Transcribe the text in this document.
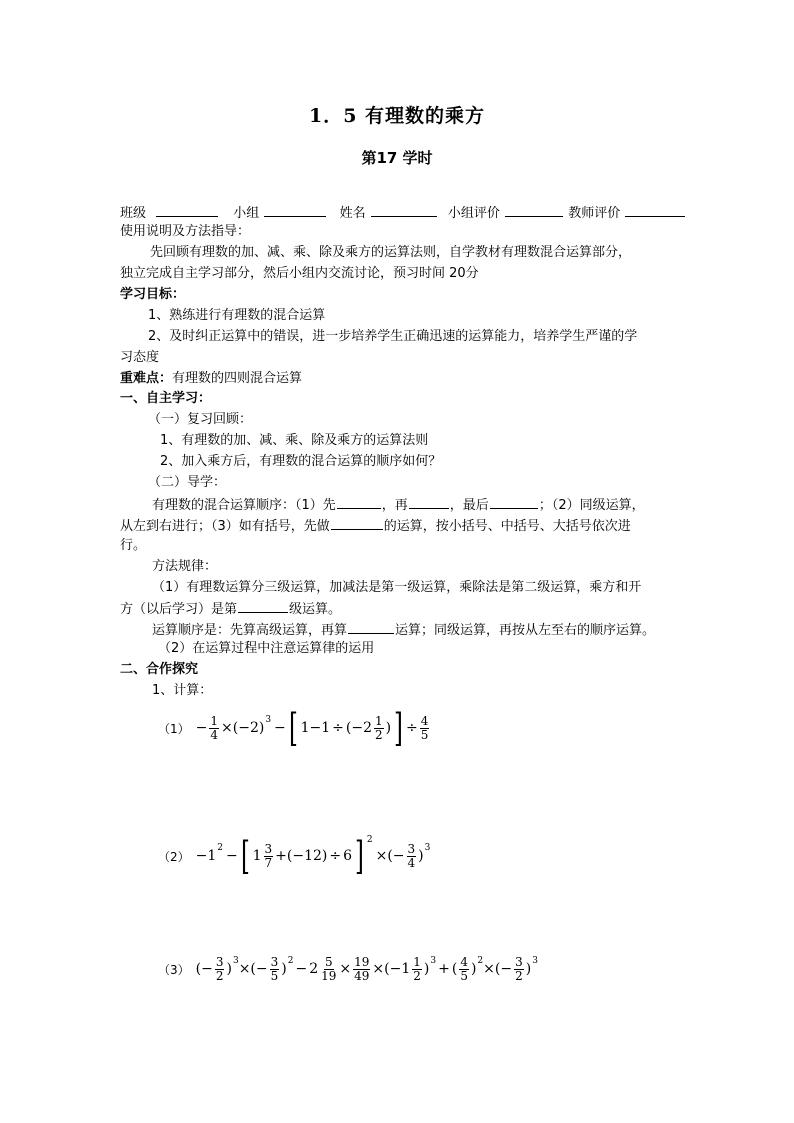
1．5 有理数的乘方
第17 学时
班级	小组	姓名	小组评价	教师评价
使用说明及方法指导：
先回顾有理数的加、减、乘、除及乘方的运算法则，自学教材有理数混合运算部分，
独立完成自主学习部分，然后小组内交流讨论，预习时间 20分
学习目标：
1、熟练进行有理数的混合运算
2、及时纠正运算中的错误，进一步培养学生正确迅速的运算能力，培养学生严谨的学
习态度
重难点：有理数的四则混合运算
一、自主学习：
（一）复习回顾：
1、有理数的加、减、乘、除及乘方的运算法则
2、加入乘方后，有理数的混合运算的顺序如何？
（二）导学：
有理数的混合运算顺序：（1）先	，再	，最后	；（2）同级运算，
从左到右进行；（3）如有括号，先做	的运算，按小括号、中括号、大括号依次进
行。
方法规律：
（1）有理数运算分三级运算，加减法是第一级运算，乘除法是第二级运算，乘方和开
方（以后学习）是第	级运算。
运算顺序是：先算高级运算，再算	运算；同级运算，再按从左至右的顺序运算。
（2）在运算过程中注意运算律的运用
二、合作探究
1、计算：
$(1) - \frac{1}{4} \times (-2) 3$ − [ 1−1 ÷ ( − $2 \frac{1}{2}$ ) ] ÷ $\frac{4}{5}$
（2） − 1 2 − [ $1 \frac{3}{7} + (-12) \div 6$ ] 2
× ( − $\frac{3}{4}$ ) 3
（3） ( − $\frac{3}{2}$ ) 3 × ( − $\frac{3}{5}$ ) $2 - 2 \frac{5}{19} \times \frac{19}{49}$ × ( $-1 \frac{1}{2}$ ) 3 + ( $\frac{4}{5}$ ) 2 × ( − $\frac{3}{2}$ ) 3
